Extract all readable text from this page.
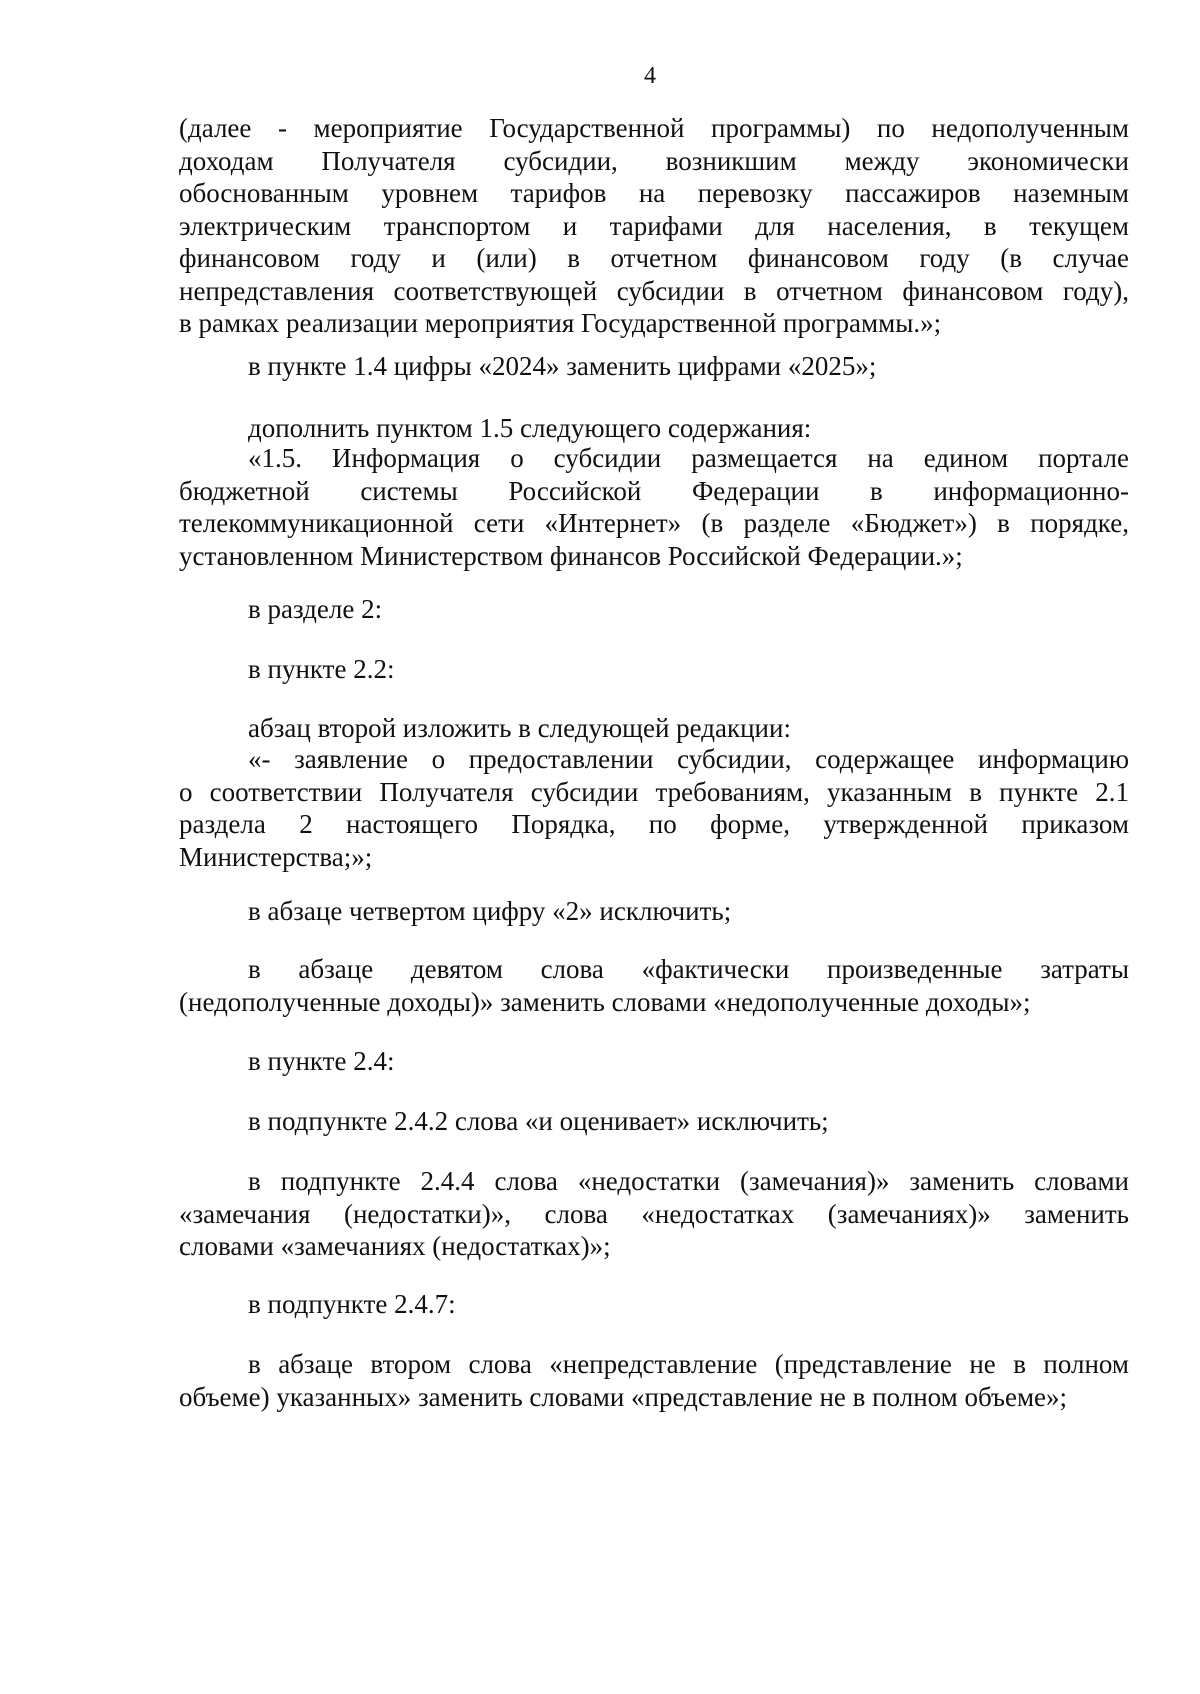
4
(далее - мероприятие Государственной программы) по недополученным
доходам Получателя субсидии, возникшим между экономически
обоснованным уровнем тарифов на перевозку пассажиров наземным
электрическим транспортом и тарифами для населения, в текущем
финансовом году и (или) в отчетном финансовом году (в случае
непредставления соответствующей субсидии в отчетном финансовом году),
в рамках реализации мероприятия Государственной программы.»;
в пункте 1.4 цифры «2024» заменить цифрами «2025»;
дополнить пунктом 1.5 следующего содержания:
«1.5. Информация о субсидии размещается на едином портале
бюджетной системы Российской Федерации в информационно-
телекоммуникационной сети «Интернет» (в разделе «Бюджет») в порядке,
установленном Министерством финансов Российской Федерации.»;
в разделе 2:
в пункте 2.2:
абзац второй изложить в следующей редакции:
«- заявление о предоставлении субсидии, содержащее информацию
о соответствии Получателя субсидии требованиям, указанным в пункте 2.1
раздела 2 настоящего Порядка, по форме, утвержденной приказом
Министерства;»;
в абзаце четвертом цифру «2» исключить;
в абзаце девятом слова «фактически произведенные затраты
(недополученные доходы)» заменить словами «недополученные доходы»;
в пункте 2.4:
в подпункте 2.4.2 слова «и оценивает» исключить;
в подпункте 2.4.4 слова «недостатки (замечания)» заменить словами
«замечания (недостатки)», слова «недостатках (замечаниях)» заменить
словами «замечаниях (недостатках)»;
в подпункте 2.4.7:
в абзаце втором слова «непредставление (представление не в полном
объеме) указанных» заменить словами «представление не в полном объеме»;
